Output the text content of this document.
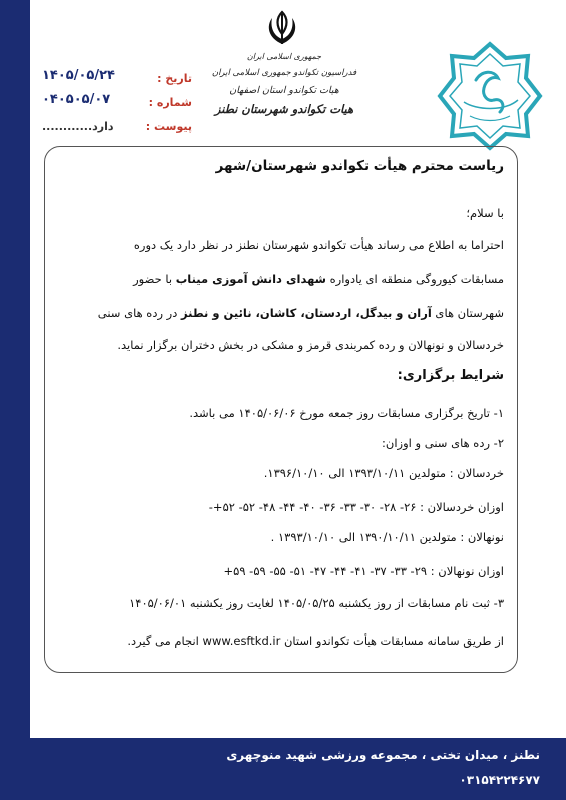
جمهوری اسلامی ایران
فدراسیون تکواندو جمهوری اسلامی ایران
هیات تکواندو استان اصفهان
هیات تکواندو شهرستان نطنز
تاریخ :
۱۴۰۵/۰۵/۲۴
شماره :
۰۴۰۵۰۵/۰۷
پیوست :
دارد............
ریاست محترم هیأت تکواندو شهرستان/شهر
با سلام؛
احتراما به اطلاع می رساند هیأت تکواندو شهرستان نطنز در نظر دارد یک دوره
مسابقات کیوروگی منطقه ای یادواره شهدای دانش آموزی میناب با حضور
شهرستان های آران و بیدگل، اردستان، کاشان، نائین و نطنز در رده های سنی
خردسالان و نونهالان و رده کمربندی قرمز و مشکی در بخش دختران برگزار نماید.
شرایط برگزاری:
۱- تاریخ برگزاری مسابقات روز جمعه مورخ ۱۴۰۵/۰۶/۰۶ می باشد.
۲- رده های سنی و اوزان:
خردسالان : متولدین ۱۳۹۳/۱۰/۱۱ الی ۱۳۹۶/۱۰/۱۰.
اوزان خردسالان : ۲۶- ۲۸- ۳۰- ۳۳- ۳۶- ۴۰- ۴۴- ۴۸- ۵۲- ۵۲+-
نونهالان : متولدین ۱۳۹۰/۱۰/۱۱ الی ۱۳۹۳/۱۰/۱۰ .
اوزان نونهالان : ۲۹- ۳۳- ۳۷- ۴۱- ۴۴- ۴۷- ۵۱- ۵۵- ۵۹- ۵۹+
۳- ثبت نام مسابقات از روز یکشنبه ۱۴۰۵/۰۵/۲۵ لغایت روز یکشنبه ۱۴۰۵/۰۶/۰۱
از طریق سامانه مسابقات هیأت تکواندو استان www.esftkd.ir انجام می گیرد.
نطنز ، میدان تختی ، مجموعه ورزشی شهید منوچهری
۰۳۱۵۴۲۲۴۶۷۷
